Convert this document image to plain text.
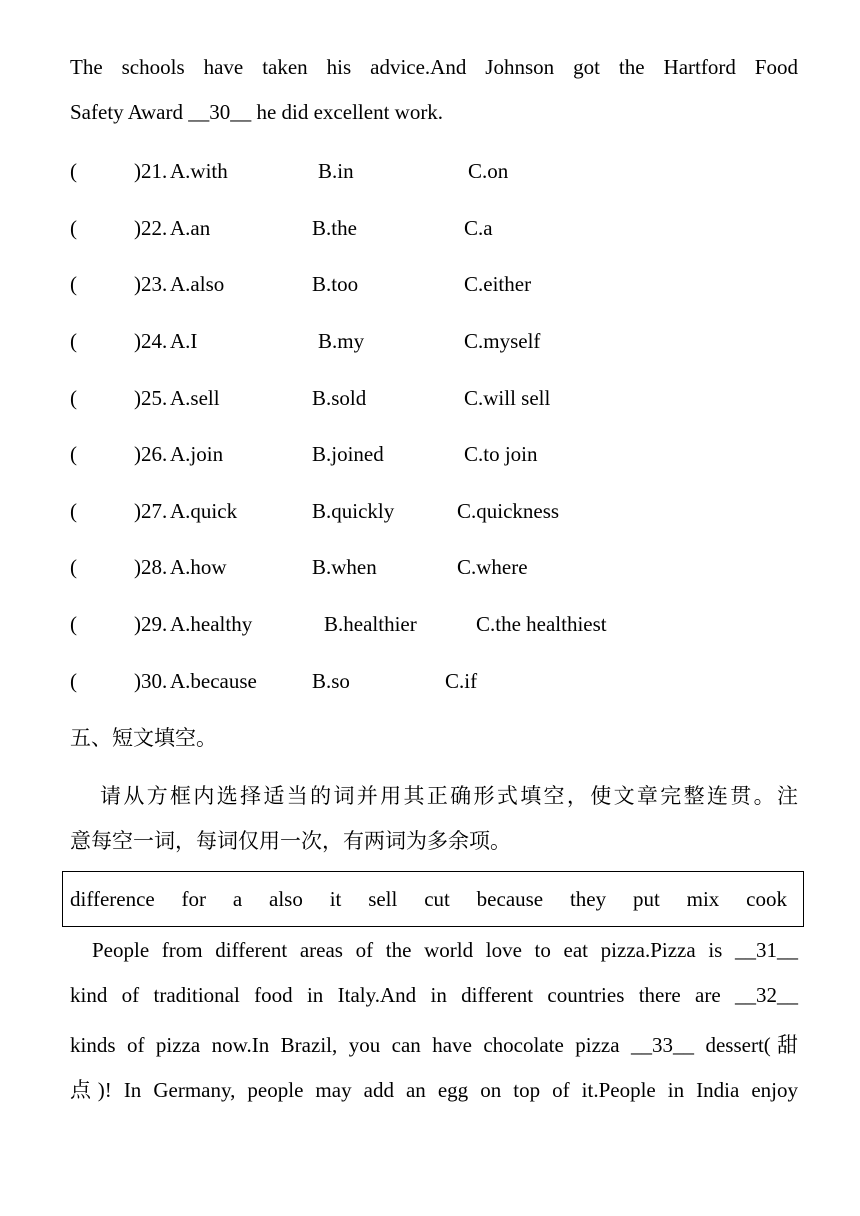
The schools have taken his advice.And Johnson got the Hartford Food
Safety Award __30__ he did excellent work.
(	)21. A.with	B.in	C.on
(	)22. A.an	B.the	C.a
(	)23. A.also	B.too	C.either
(	)24. A.I	B.my	C.myself
(	)25. A.sell	B.sold	C.will sell
(	)26. A.join	B.joined	C.to join
(	)27. A.quick	B.quickly	C.quickness
(	)28. A.how	B.when	C.where
(	)29. A.healthy	B.healthier	C.the healthiest
(	)30. A.because	B.so	C.if
五、短文填空。
请从方框内选择适当的词并用其正确形式填空，使文章完整连贯。注
意每空一词，每词仅用一次，有两词为多余项。
difference for a also it sell cut because they put mix cook
People from different areas of the world love to eat pizza.Pizza is __31__
kind of traditional food in Italy.And in different countries there are __32__
kinds of pizza now.In Brazil, you can have chocolate pizza __33__ dessert(甜
点)! In Germany, people may add an egg on top of it.People in India enjoy
